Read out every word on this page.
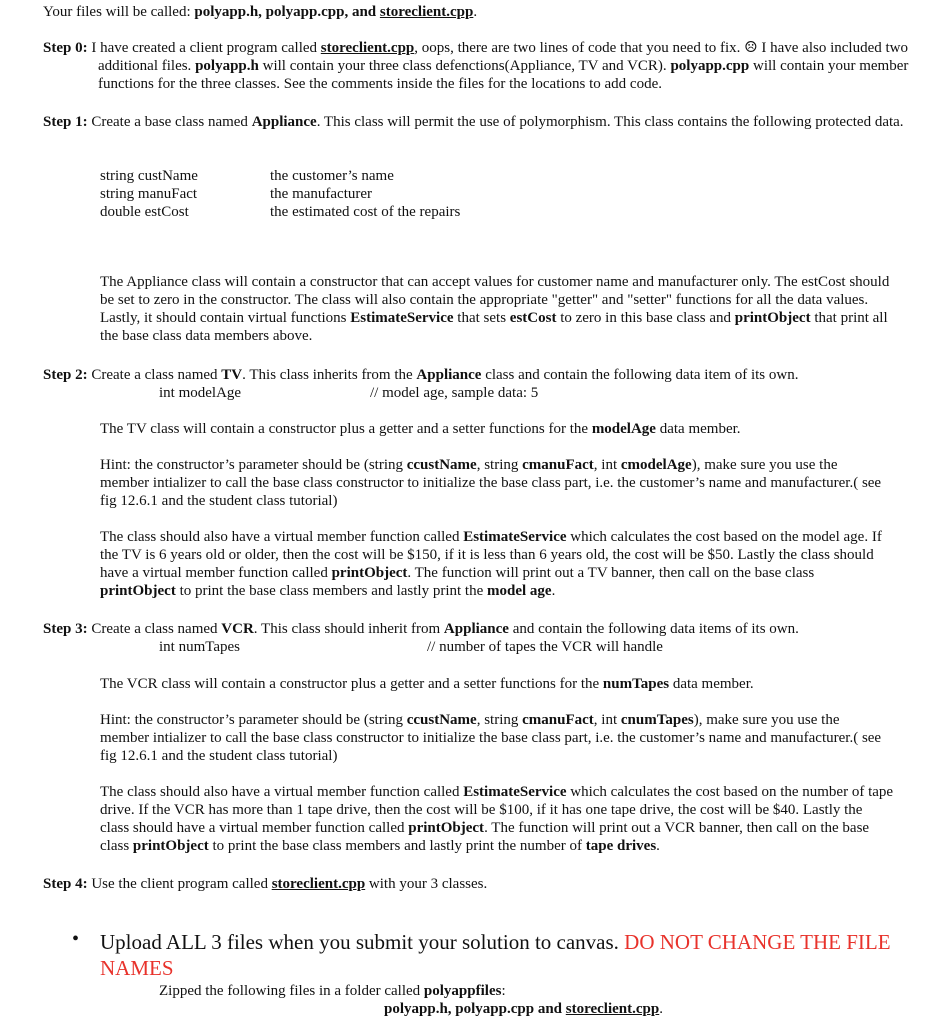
Your files will be called: polyapp.h, polyapp.cpp, and storeclient.cpp.
Step 0: I have created a client program called storeclient.cpp, oops, there are two lines of code that you need to fix. ☹ I have also included two additional files. polyapp.h will contain your three class defenctions(Appliance, TV and VCR). polyapp.cpp will contain your member functions for the three classes. See the comments inside the files for the locations to add code.
Step 1: Create a base class named Appliance. This class will permit the use of polymorphism. This class contains the following protected data.
string custName	the customer’s name
string manuFact	the manufacturer
double estCost	the estimated cost of the repairs
The Appliance class will contain a constructor that can accept values for customer name and manufacturer only. The estCost should be set to zero in the constructor. The class will also contain the appropriate "getter" and "setter" functions for all the data values. Lastly, it should contain virtual functions EstimateService that sets estCost to zero in this base class and printObject that print all the base class data members above.
Step 2: Create a class named TV. This class inherits from the Appliance class and contain the following data item of its own.
int modelAge	// model age, sample data: 5
The TV class will contain a constructor plus a getter and a setter functions for the modelAge data member.
Hint: the constructor’s parameter should be (string ccustName, string cmanuFact, int cmodelAge), make sure you use the member intializer to call the base class constructor to initialize the base class part, i.e. the customer’s name and manufacturer.( see fig 12.6.1 and the student class tutorial)
The class should also have a virtual member function called EstimateService which calculates the cost based on the model age. If the TV is 6 years old or older, then the cost will be $150, if it is less than 6 years old, the cost will be $50. Lastly the class should have a virtual member function called printObject. The function will print out a TV banner, then call on the base class printObject to print the base class members and lastly print the model age.
Step 3: Create a class named VCR. This class should inherit from Appliance and contain the following data items of its own.
int numTapes	// number of tapes the VCR will handle
The VCR class will contain a constructor plus a getter and a setter functions for the numTapes data member.
Hint: the constructor’s parameter should be (string ccustName, string cmanuFact, int cnumTapes), make sure you use the member intializer to call the base class constructor to initialize the base class part, i.e. the customer’s name and manufacturer.( see fig 12.6.1 and the student class tutorial)
The class should also have a virtual member function called EstimateService which calculates the cost based on the number of tape drive. If the VCR has more than 1 tape drive, then the cost will be $100, if it has one tape drive, the cost will be $40. Lastly the class should have a virtual member function called printObject. The function will print out a VCR banner, then call on the base class printObject to print the base class members and lastly print the number of tape drives.
Step 4: Use the client program called storeclient.cpp with your 3 classes.
• Upload ALL 3 files when you submit your solution to canvas. DO NOT CHANGE THE FILE NAMES
Zipped the following files in a folder called polyappfiles:
polyapp.h, polyapp.cpp and storeclient.cpp.
